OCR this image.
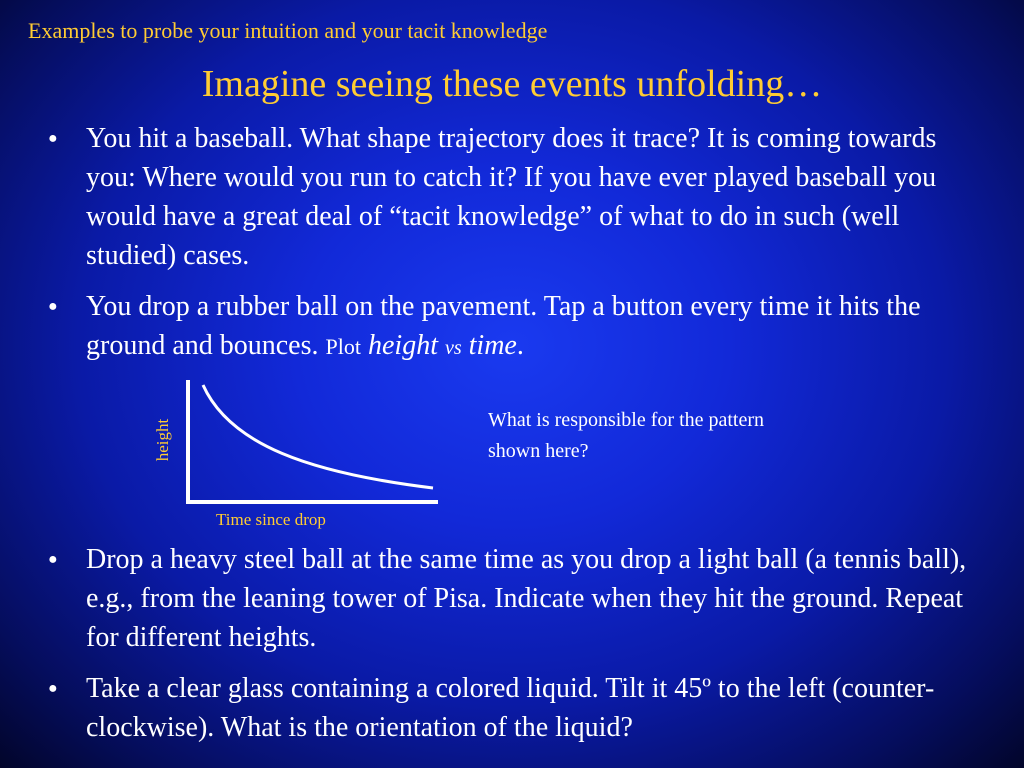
Examples to probe your intuition and your tacit knowledge
Imagine seeing these events unfolding…
●	You hit a baseball. What shape trajectory does it trace? It is coming towards you: Where would you run to catch it? If you have ever played baseball you would have a great deal of “tacit knowledge” of what to do in such (well studied) cases.
●	You drop a rubber ball on the pavement. Tap a button every time it hits the ground and bounces. Plot height vs time.
height
Time since drop
What is responsible for the pattern shown here?
●	Drop a heavy steel ball at the same time as you drop a light ball (a tennis ball), e.g., from the leaning tower of Pisa. Indicate when they hit the ground. Repeat for different heights.
●	Take a clear glass containing a colored liquid. Tilt it 45º to the left (counter-clockwise). What is the orientation of the liquid?
